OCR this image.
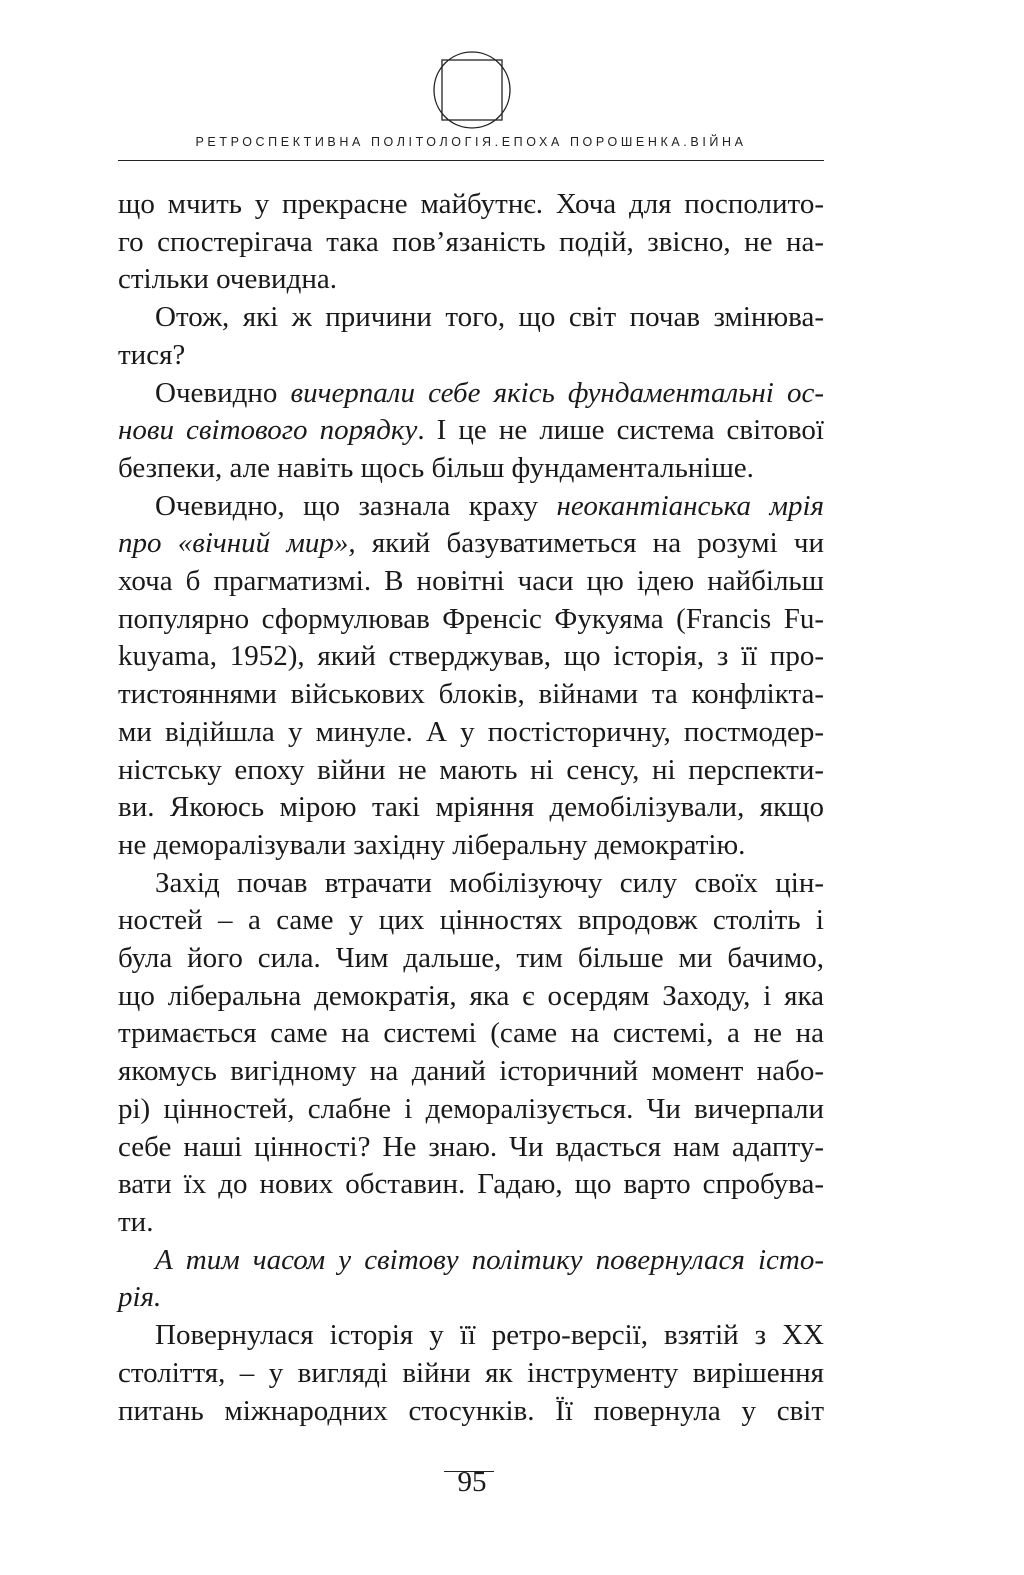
РЕТРОСПЕКТИВНА ПОЛІТОЛОГІЯ.ЕПОХА ПОРОШЕНКА.ВІЙНА

що мчить у прекрасне майбутнє. Хоча для посполито-

го спостерігача така пов’язаність подій, звісно, не на-

стільки очевидна.

Отож, які ж причини того, що світ почав змінюва-

тися?

Очевидно вичерпали себе якісь фундаментальні ос-

нови світового порядку. І це не лише система світової

безпеки, але навіть щось більш фундаментальніше.

Очевидно, що зазнала краху неокантіанська мрія

про «вічний мир», який базуватиметься на розумі чи

хоча б прагматизмі. В новітні часи цю ідею найбільш

популярно сформулював Френсіс Фукуяма (Francis Fu-

kuyama, 1952), який стверджував, що історія, з її про-

тистояннями військових блоків, війнами та конфлікта-

ми відійшла у минуле. А у постісторичну, постмодер-

ністську епоху війни не мають ні сенсу, ні перспекти-

ви. Якоюсь мірою такі мріяння демобілізували, якщо

не деморалізували західну ліберальну демократію.

Захід почав втрачати мобілізуючу силу своїх цін-

ностей – а саме у цих цінностях впродовж століть і

була його сила. Чим дальше, тим більше ми бачимо,

що ліберальна демократія, яка є осердям Заходу, і яка

тримається саме на системі (саме на системі, а не на

якомусь вигідному на даний історичний момент набо-

рі) цінностей, слабне і деморалізується. Чи вичерпали

себе наші цінності? Не знаю. Чи вдасться нам адапту-

вати їх до нових обставин. Гадаю, що варто спробува-

ти.

А тим часом у світову політику повернулася істо-

рія.

Повернулася історія у її ретро-версії, взятій з ХХ

століття, – у вигляді війни як інструменту вирішення

питань міжнародних стосунків. Її повернула у світ

95
